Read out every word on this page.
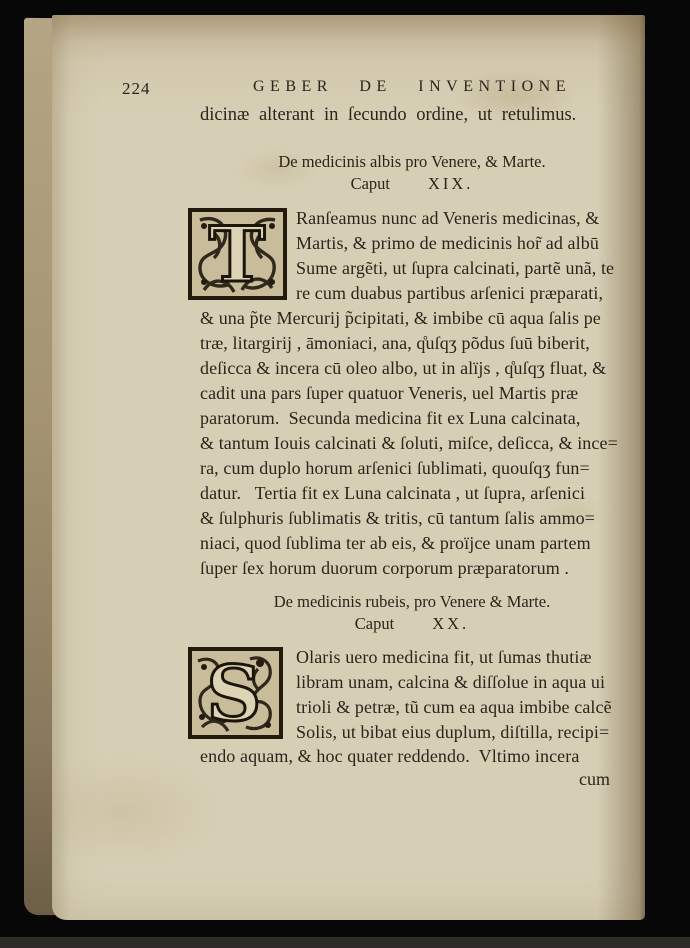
224	GEBER DE INVENTIONE
dicinæ alterant in ſecundo ordine, ut retulimus.
De medicinis albis pro Venere, & Marte.
Caput XIX.
T Ranſeamus nunc ad Veneris medicinas, &
Martis, & primo de medicinis hor̃ ad albū
Sume argẽti, ut ſupra calcinati, partẽ unã, te
re cum duabus partibus arſenici præparati,
& una p̃te Mercurij p̃cipitati, & imbibe cū aqua ſalis pe
træ, litargirij , āmoniaci, ana, q̊uſqʒ põdus ſuū biberit,
deſicca & incera cū oleo albo, ut in alïjs , q̊uſqʒ fluat, &
cadit una pars ſuper quatuor Veneris, uel Martis præ
paratorum.  Secunda medicina fit ex Luna calcinata,
& tantum Iouis calcinati & ſoluti, miſce, deſicca, & ince=
ra, cum duplo horum arſenici ſublimati, quouſqʒ fun=
datur.   Tertia fit ex Luna calcinata , ut ſupra, arſenici
& ſulphuris ſublimatis & tritis, cū tantum ſalis ammo=
niaci, quod ſublima ter ab eis, & proïjce unam partem
ſuper ſex horum duorum corporum præparatorum .
De medicinis rubeis, pro Venere & Marte.
Caput XX.
S Olaris uero medicina fit, ut ſumas thutiæ
libram unam, calcina & diſſolue in aqua ui
trioli & petræ, tũ cum ea aqua imbibe calcẽ
Solis, ut bibat eius duplum, diſtilla, recipi=
endo aquam, & hoc quater reddendo.  Vltimo incera
cum
